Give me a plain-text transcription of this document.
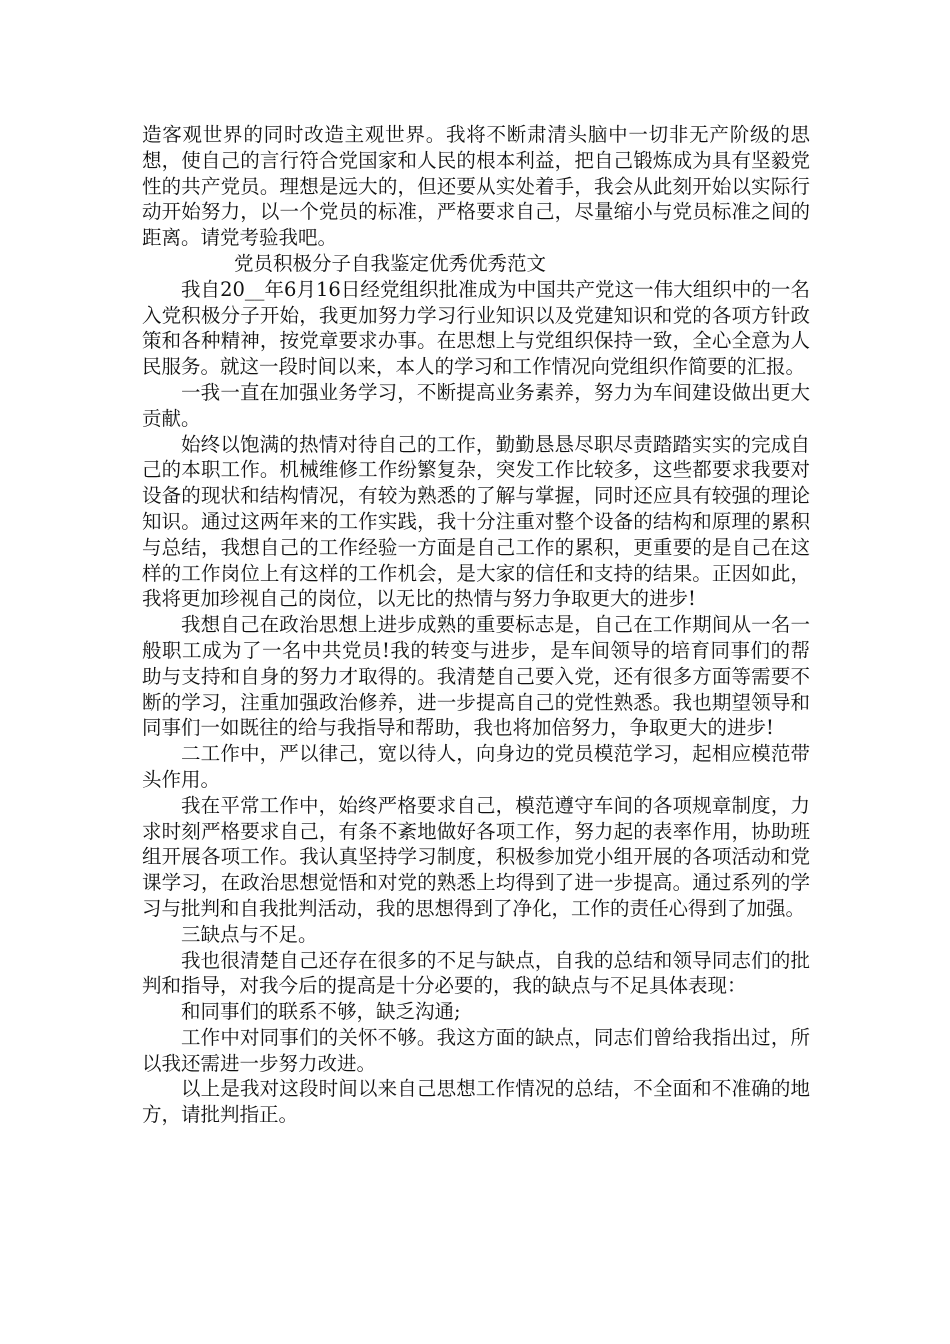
造客观世界的同时改造主观世界。我将不断肃清头脑中一切非无产阶级的思想，使自己的言行符合党国家和人民的根本利益，把自己锻炼成为具有坚毅党性的共产党员。理想是远大的，但还要从实处着手，我会从此刻开始以实际行动开始努力，以一个党员的标准，严格要求自己，尽量缩小与党员标准之间的距离。请党考验我吧。

党员积极分子自我鉴定优秀优秀范文

我自20__年6月16日经党组织批准成为中国共产党这一伟大组织中的一名入党积极分子开始，我更加努力学习行业知识以及党建知识和党的各项方针政策和各种精神，按党章要求办事。在思想上与党组织保持一致，全心全意为人民服务。就这一段时间以来，本人的学习和工作情况向党组织作简要的汇报。

一我一直在加强业务学习，不断提高业务素养，努力为车间建设做出更大贡献。

始终以饱满的热情对待自己的工作，勤勤恳恳尽职尽责踏踏实实的完成自己的本职工作。机械维修工作纷繁复杂，突发工作比较多，这些都要求我要对设备的现状和结构情况，有较为熟悉的了解与掌握，同时还应具有较强的理论知识。通过这两年来的工作实践，我十分注重对整个设备的结构和原理的累积与总结，我想自己的工作经验一方面是自己工作的累积，更重要的是自己在这样的工作岗位上有这样的工作机会，是大家的信任和支持的结果。正因如此，我将更加珍视自己的岗位，以无比的热情与努力争取更大的进步!

我想自己在政治思想上进步成熟的重要标志是，自己在工作期间从一名一般职工成为了一名中共党员!我的转变与进步，是车间领导的培育同事们的帮助与支持和自身的努力才取得的。我清楚自己要入党，还有很多方面等需要不断的学习，注重加强政治修养，进一步提高自己的党性熟悉。我也期望领导和同事们一如既往的给与我指导和帮助，我也将加倍努力，争取更大的进步!

二工作中，严以律己，宽以待人，向身边的党员模范学习，起相应模范带头作用。

我在平常工作中，始终严格要求自己，模范遵守车间的各项规章制度，力求时刻严格要求自己，有条不紊地做好各项工作，努力起的表率作用，协助班组开展各项工作。我认真坚持学习制度，积极参加党小组开展的各项活动和党课学习，在政治思想觉悟和对党的熟悉上均得到了进一步提高。通过系列的学习与批判和自我批判活动，我的思想得到了净化，工作的责任心得到了加强。

三缺点与不足。

我也很清楚自己还存在很多的不足与缺点，自我的总结和领导同志们的批判和指导，对我今后的提高是十分必要的，我的缺点与不足具体表现：

和同事们的联系不够，缺乏沟通;

工作中对同事们的关怀不够。我这方面的缺点，同志们曾给我指出过，所以我还需进一步努力改进。

以上是我对这段时间以来自己思想工作情况的总结，不全面和不准确的地方，请批判指正。
